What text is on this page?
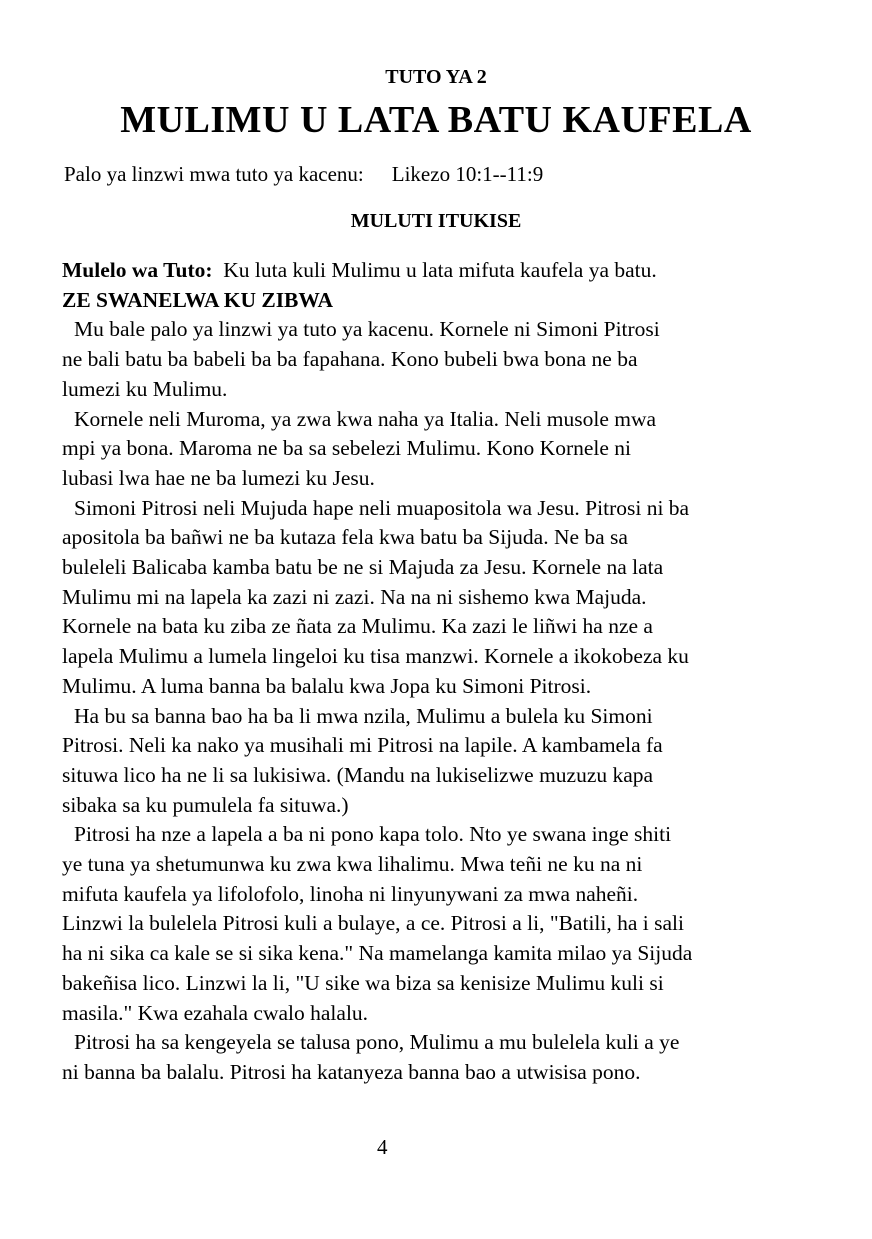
TUTO YA 2
MULIMU U LATA BATU KAUFELA
Palo ya linzwi mwa tuto ya kacenu: Likezo 10:1--11:9
MULUTI ITUKISE
Mulelo wa Tuto: Ku luta kuli Mulimu u lata mifuta kaufela ya batu.
ZE SWANELWA KU ZIBWA
Mu bale palo ya linzwi ya tuto ya kacenu. Kornele ni Simoni Pitrosi
ne bali batu ba babeli ba ba fapahana. Kono bubeli bwa bona ne ba
lumezi ku Mulimu.
Kornele neli Muroma, ya zwa kwa naha ya Italia. Neli musole mwa
mpi ya bona. Maroma ne ba sa sebelezi Mulimu. Kono Kornele ni
lubasi lwa hae ne ba lumezi ku Jesu.
Simoni Pitrosi neli Mujuda hape neli muapositola wa Jesu. Pitrosi ni ba
apositola ba bañwi ne ba kutaza fela kwa batu ba Sijuda. Ne ba sa
buleleli Balicaba kamba batu be ne si Majuda za Jesu. Kornele na lata
Mulimu mi na lapela ka zazi ni zazi. Na na ni sishemo kwa Majuda.
Kornele na bata ku ziba ze ñata za Mulimu. Ka zazi le liñwi ha nze a
lapela Mulimu a lumela lingeloi ku tisa manzwi. Kornele a ikokobeza ku
Mulimu. A luma banna ba balalu kwa Jopa ku Simoni Pitrosi.
Ha bu sa banna bao ha ba li mwa nzila, Mulimu a bulela ku Simoni
Pitrosi. Neli ka nako ya musihali mi Pitrosi na lapile. A kambamela fa
situwa lico ha ne li sa lukisiwa. (Mandu na lukiselizwe muzuzu kapa
sibaka sa ku pumulela fa situwa.)
Pitrosi ha nze a lapela a ba ni pono kapa tolo. Nto ye swana inge shiti
ye tuna ya shetumunwa ku zwa kwa lihalimu. Mwa teñi ne ku na ni
mifuta kaufela ya lifolofolo, linoha ni linyunywani za mwa naheñi.
Linzwi la bulelela Pitrosi kuli a bulaye, a ce. Pitrosi a li, "Batili, ha i sali
ha ni sika ca kale se si sika kena." Na mamelanga kamita milao ya Sijuda
bakeñisa lico. Linzwi la li, "U sike wa biza sa kenisize Mulimu kuli si
masila." Kwa ezahala cwalo halalu.
Pitrosi ha sa kengeyela se talusa pono, Mulimu a mu bulelela kuli a ye
ni banna ba balalu. Pitrosi ha katanyeza banna bao a utwisisa pono.
4
